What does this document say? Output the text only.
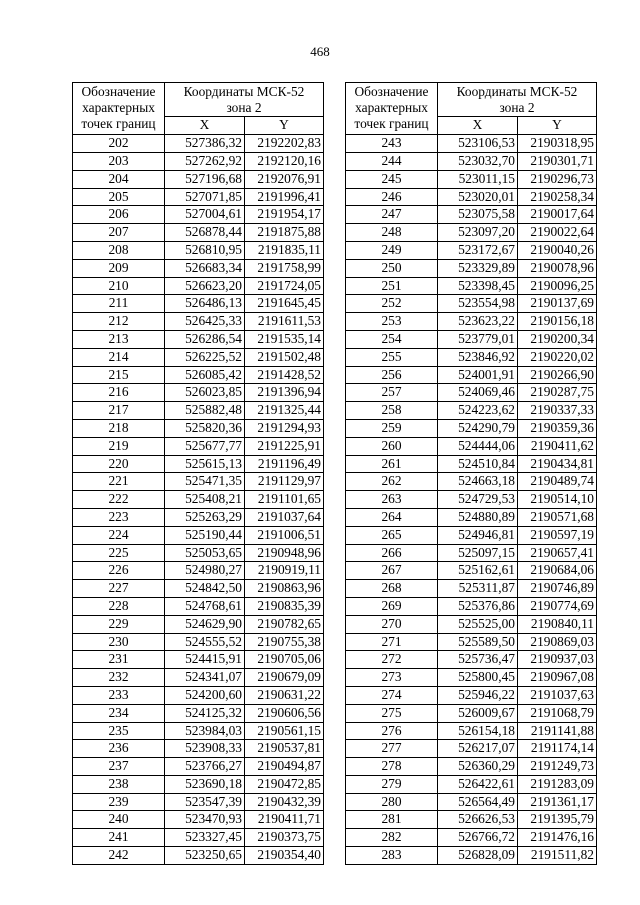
468
Обозначение
характерных
точек границ	Координаты МСК-52
зона 2	
	X	Y
202	527386,32	2192202,83
203	527262,92	2192120,16
204	527196,68	2192076,91
205	527071,85	2191996,41
206	527004,61	2191954,17
207	526878,44	2191875,88
208	526810,95	2191835,11
209	526683,34	2191758,99
210	526623,20	2191724,05
211	526486,13	2191645,45
212	526425,33	2191611,53
213	526286,54	2191535,14
214	526225,52	2191502,48
215	526085,42	2191428,52
216	526023,85	2191396,94
217	525882,48	2191325,44
218	525820,36	2191294,93
219	525677,77	2191225,91
220	525615,13	2191196,49
221	525471,35	2191129,97
222	525408,21	2191101,65
223	525263,29	2191037,64
224	525190,44	2191006,51
225	525053,65	2190948,96
226	524980,27	2190919,11
227	524842,50	2190863,96
228	524768,61	2190835,39
229	524629,90	2190782,65
230	524555,52	2190755,38
231	524415,91	2190705,06
232	524341,07	2190679,09
233	524200,60	2190631,22
234	524125,32	2190606,56
235	523984,03	2190561,15
236	523908,33	2190537,81
237	523766,27	2190494,87
238	523690,18	2190472,85
239	523547,39	2190432,39
240	523470,93	2190411,71
241	523327,45	2190373,75
242	523250,65	2190354,40
Обозначение
характерных
точек границ	Координаты МСК-52
зона 2	
	X	Y
243	523106,53	2190318,95
244	523032,70	2190301,71
245	523011,15	2190296,73
246	523020,01	2190258,34
247	523075,58	2190017,64
248	523097,20	2190022,64
249	523172,67	2190040,26
250	523329,89	2190078,96
251	523398,45	2190096,25
252	523554,98	2190137,69
253	523623,22	2190156,18
254	523779,01	2190200,34
255	523846,92	2190220,02
256	524001,91	2190266,90
257	524069,46	2190287,75
258	524223,62	2190337,33
259	524290,79	2190359,36
260	524444,06	2190411,62
261	524510,84	2190434,81
262	524663,18	2190489,74
263	524729,53	2190514,10
264	524880,89	2190571,68
265	524946,81	2190597,19
266	525097,15	2190657,41
267	525162,61	2190684,06
268	525311,87	2190746,89
269	525376,86	2190774,69
270	525525,00	2190840,11
271	525589,50	2190869,03
272	525736,47	2190937,03
273	525800,45	2190967,08
274	525946,22	2191037,63
275	526009,67	2191068,79
276	526154,18	2191141,88
277	526217,07	2191174,14
278	526360,29	2191249,73
279	526422,61	2191283,09
280	526564,49	2191361,17
281	526626,53	2191395,79
282	526766,72	2191476,16
283	526828,09	2191511,82
